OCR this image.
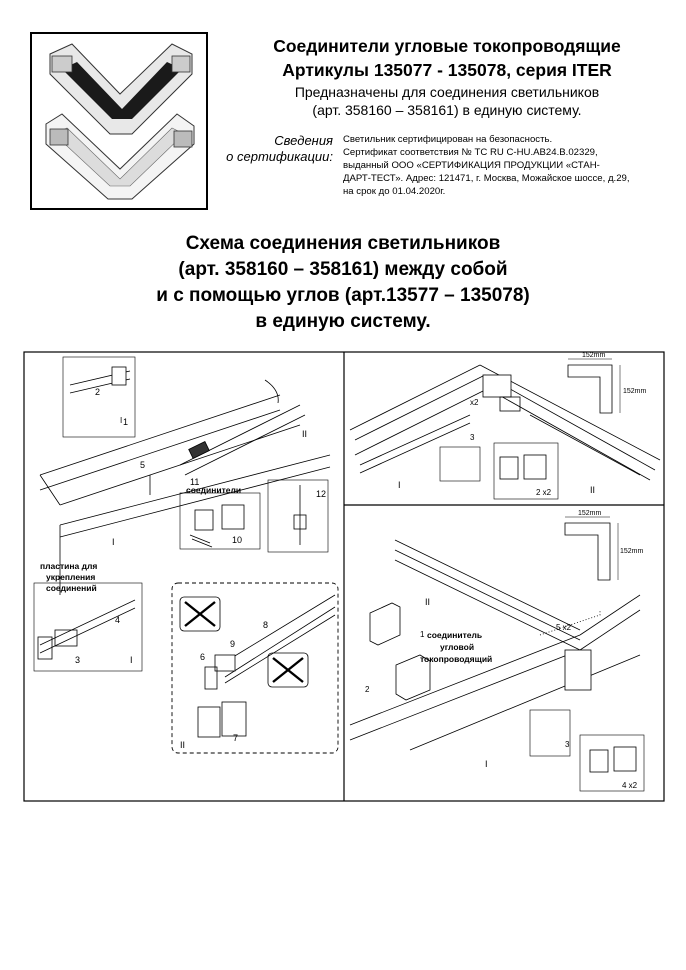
Соединители угловые токопроводящие
Артикулы 135077 - 135078, серия ITER
Предназначены для соединения светильников
(арт. 358160 – 358161) в единую систему.
Сведения
о сертификации:
Светильник сертифицирован на безопасность.
Сертификат соответствия № ТС RU C-HU.AB24.B.02329,
выданный ООО «СЕРТИФИКАЦИЯ ПРОДУКЦИИ «СТАН-
ДАРТ-ТЕСТ». Адрес: 121471, г. Москва, Можайское шоссе, д.29,
на срок до 01.04.2020г.
Схема соединения светильников
(арт. 358160 – 358161) между собой
и с помощью углов (арт.13577 – 135078)
в единую систему.
2
1
I
II
5
11
I
соединители
10
12
пластина для
укрепления
соединений
4
3	I
9
8
6
II
7
152mm
152mm
x2
3
2 x2
I	II
152mm
152mm
II
1
5 x2
соединитель
угловой
токопроводящий
2
3
I
4 x2
